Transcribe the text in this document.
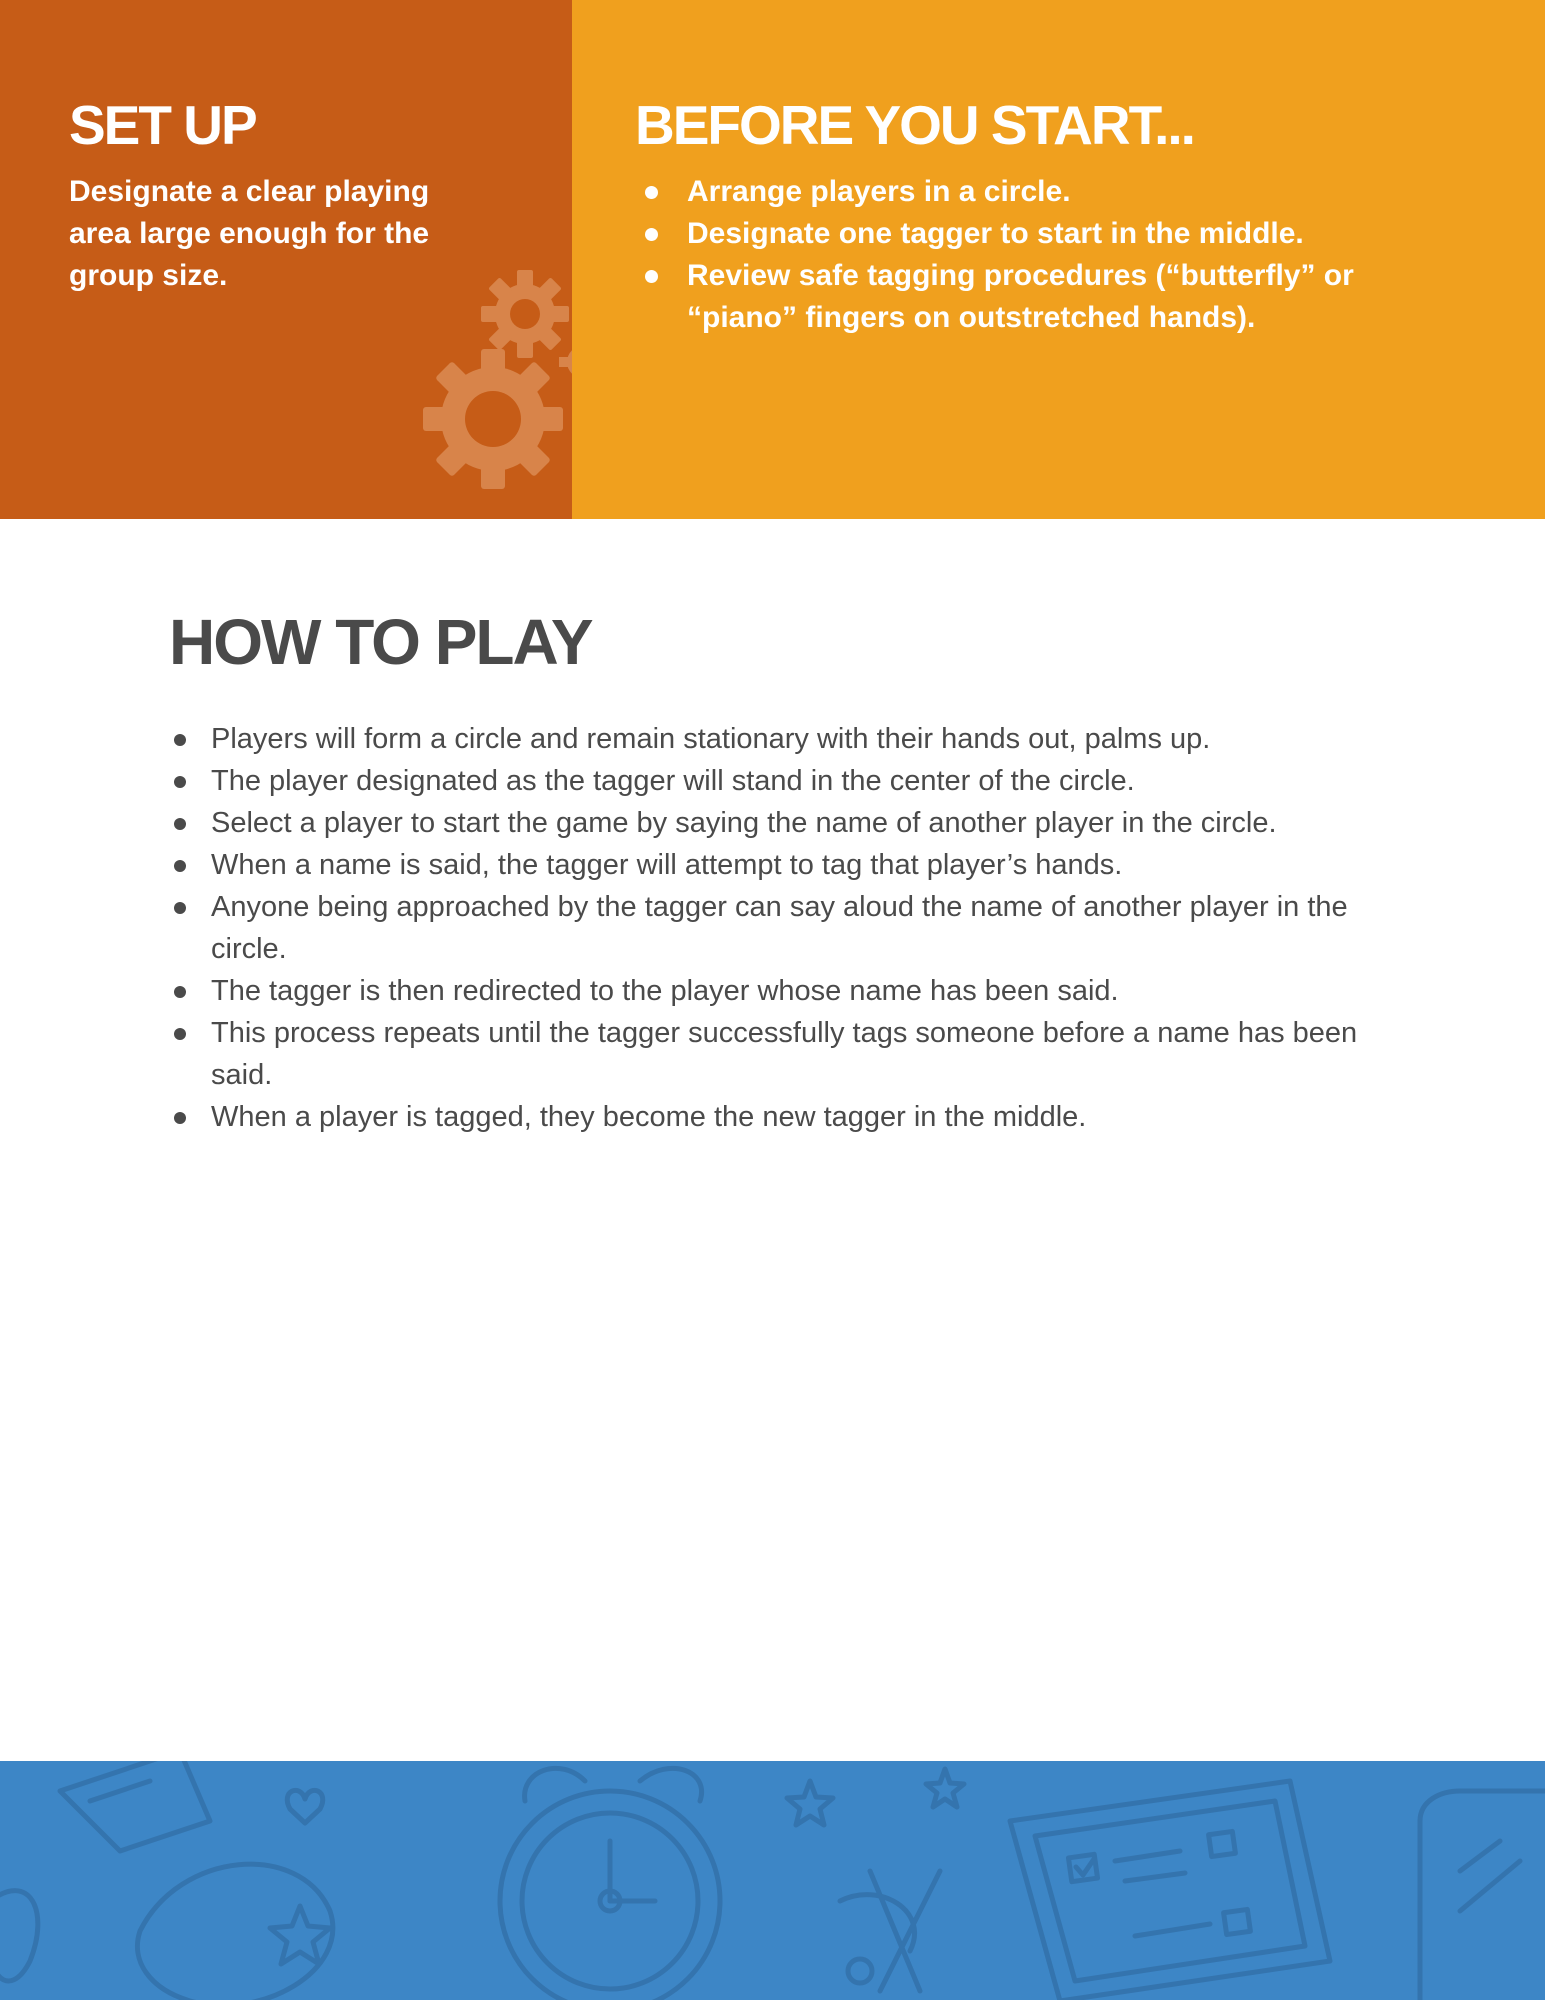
SET UP

Designate a clear playing area large enough for the group size.

BEFORE YOU START...
Arrange players in a circle.
Designate one tagger to start in the middle.
Review safe tagging procedures (“butterfly” or “piano” fingers on outstretched hands).
HOW TO PLAY
Players will form a circle and remain stationary with their hands out, palms up.
The player designated as the tagger will stand in the center of the circle.
Select a player to start the game by saying the name of another player in the circle.
When a name is said, the tagger will attempt to tag that player’s hands.
Anyone being approached by the tagger can say aloud the name of another player in the circle.
The tagger is then redirected to the player whose name has been said.
This process repeats until the tagger successfully tags someone before a name has been said.
When a player is tagged, they become the new tagger in the middle.
